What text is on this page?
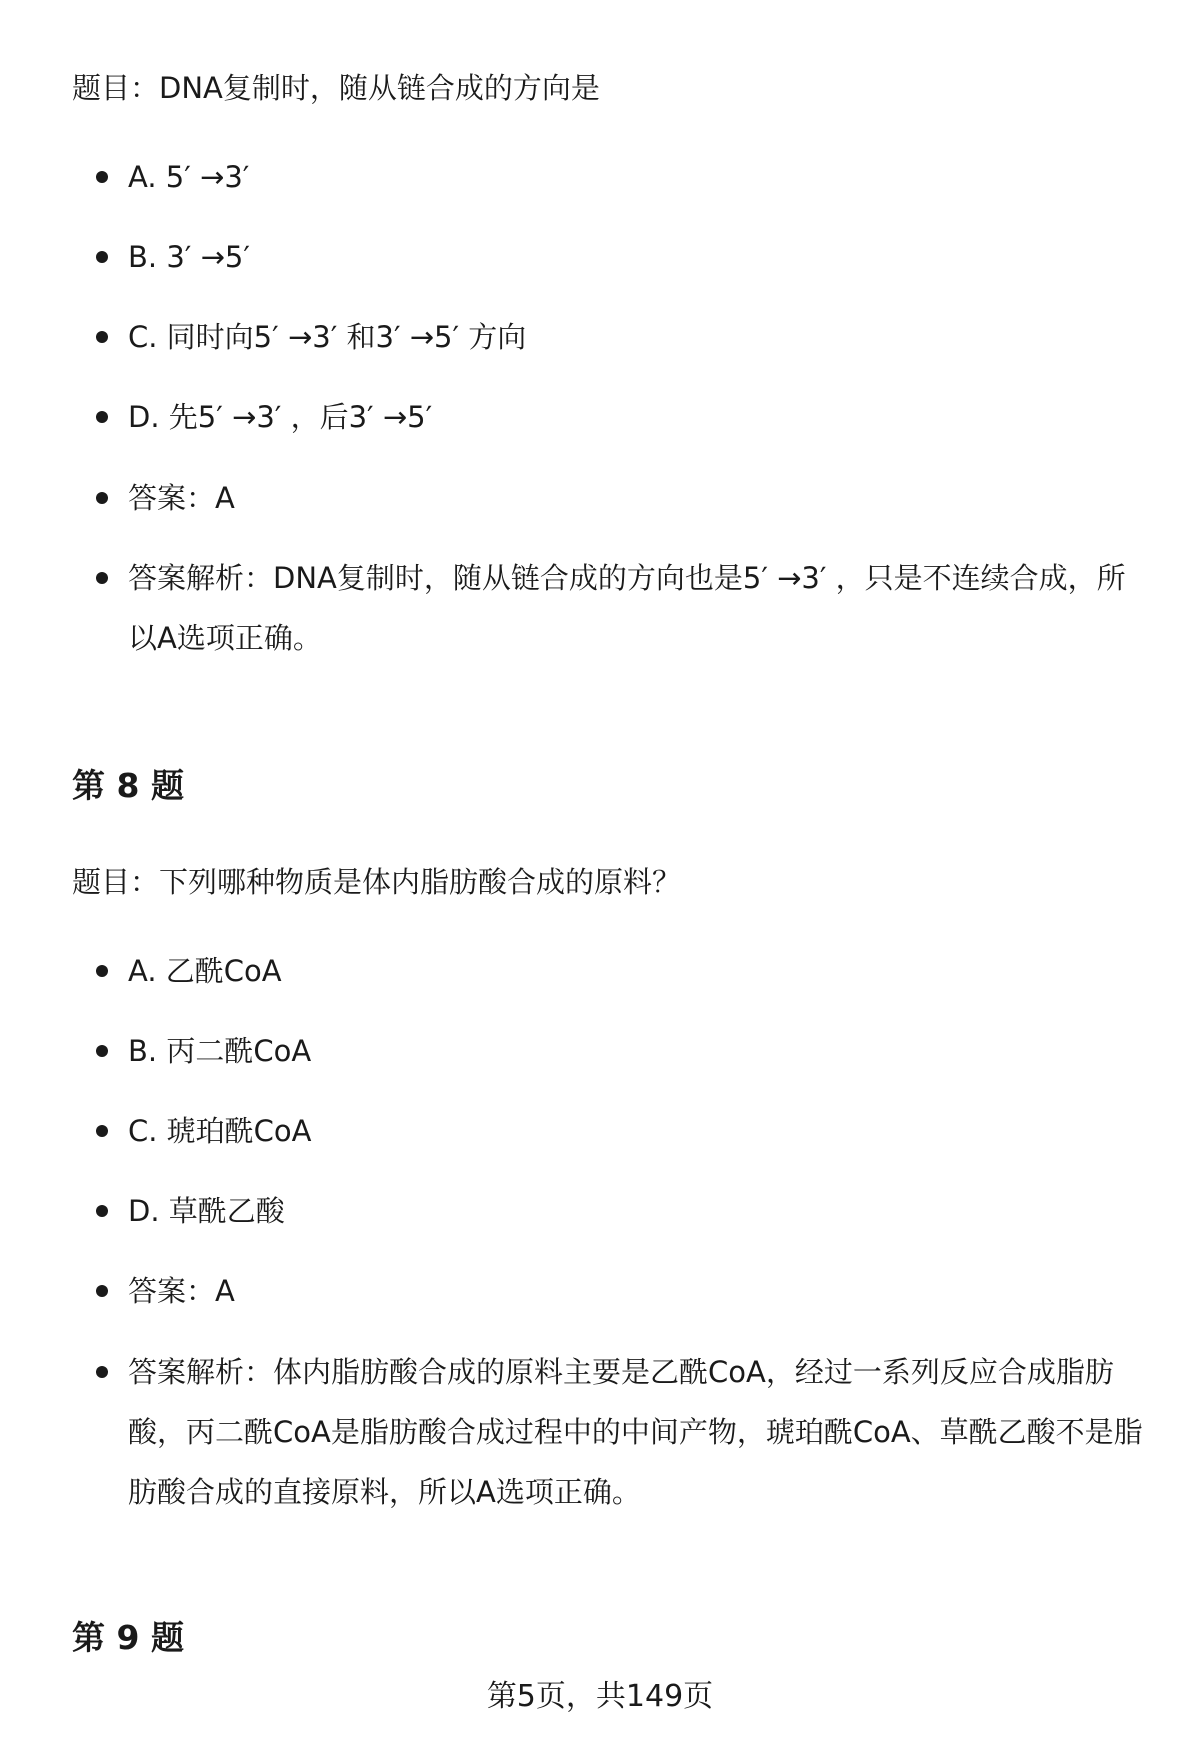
题目：DNA复制时，随从链合成的方向是

A. 5′ →3′
B. 3′ →5′
C. 同时向5′ →3′ 和3′ →5′ 方向
D. 先5′ →3′ ，后3′ →5′
答案：A
答案解析：DNA复制时，随从链合成的方向也是5′ →3′ ，只是不连续合成，所以A选项正确。
第 8 题

题目：下列哪种物质是体内脂肪酸合成的原料？

A. 乙酰CoA
B. 丙二酰CoA
C. 琥珀酰CoA
D. 草酰乙酸
答案：A
答案解析：体内脂肪酸合成的原料主要是乙酰CoA，经过一系列反应合成脂肪酸，丙二酰CoA是脂肪酸合成过程中的中间产物，琥珀酰CoA、草酰乙酸不是脂肪酸合成的直接原料，所以A选项正确。
第 9 题

第5页，共149页
